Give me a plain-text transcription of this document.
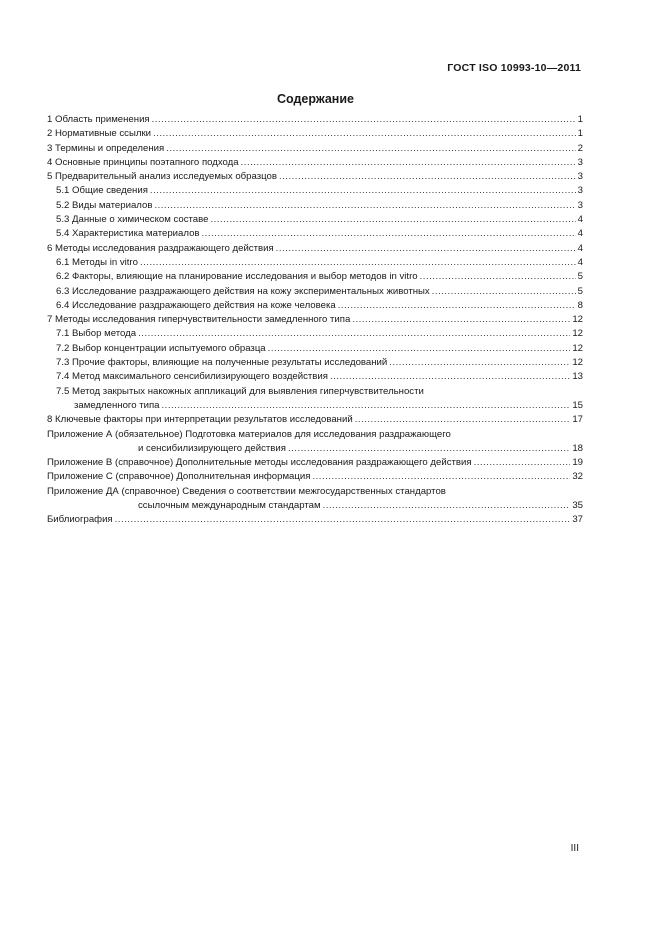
ГОСТ ISO 10993-10—2011
Содержание
1 Область применения .....	1
2 Нормативные ссылки .....	1
3 Термины и определения .....	2
4 Основные принципы поэтапного подхода .....	3
5 Предварительный анализ исследуемых образцов .....	3
5.1 Общие сведения .....	3
5.2 Виды материалов .....	3
5.3 Данные о химическом составе .....	4
5.4 Характеристика материалов .....	4
6 Методы исследования раздражающего действия .....	4
6.1 Методы in vitro .....	4
6.2 Факторы, влияющие на планирование исследования и выбор методов in vitro .....	5
6.3 Исследование раздражающего действия на кожу экспериментальных животных .....	5
6.4 Исследование раздражающего действия на коже человека .....	8
7 Методы исследования гиперчувствительности замедленного типа .....	12
7.1 Выбор метода .....	12
7.2 Выбор концентрации испытуемого образца .....	12
7.3 Прочие факторы, влияющие на полученные результаты исследований .....	12
7.4 Метод максимального сенсибилизирующего воздействия .....	13
7.5 Метод закрытых накожных аппликаций для выявления гиперчувствительности
замедленного типа .....	15
8 Ключевые факторы при интерпретации результатов исследований .....	17
Приложение А (обязательное) Подготовка материалов для исследования раздражающего
и сенсибилизирующего действия .....	18
Приложение В (справочное) Дополнительные методы исследования раздражающего действия .....	19
Приложение С (справочное) Дополнительная информация .....	32
Приложение ДА (справочное) Сведения о соответствии межгосударственных стандартов
ссылочным международным стандартам .....	35
Библиография .....	37
III
